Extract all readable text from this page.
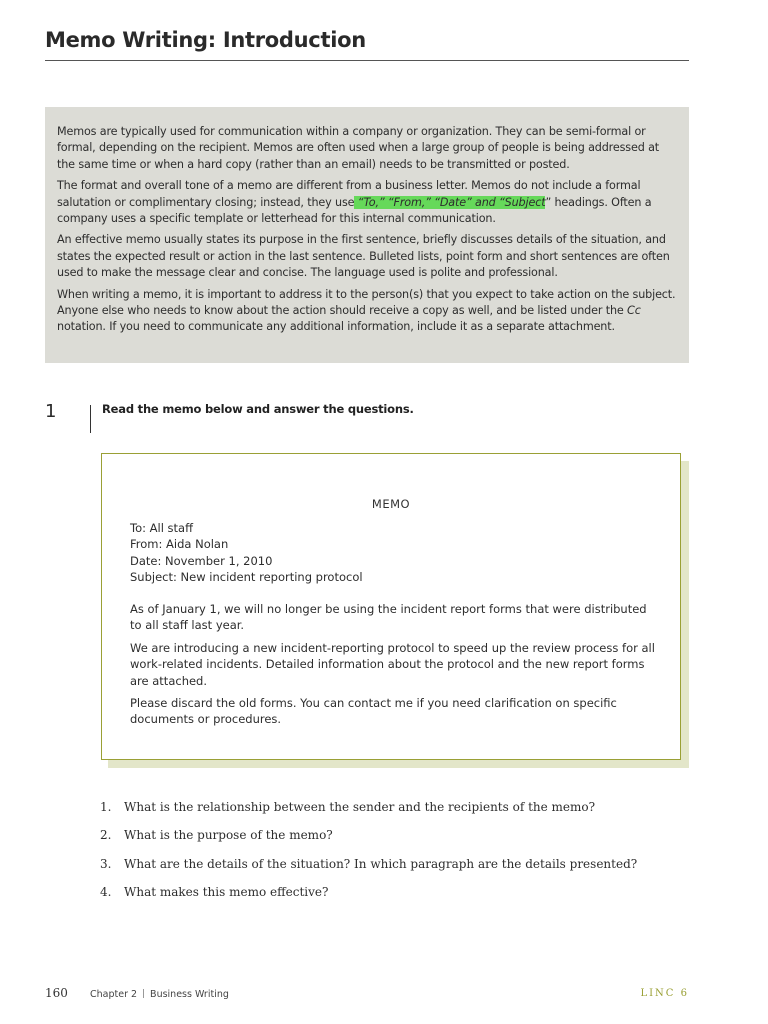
Memo Writing: Introduction

Memos are typically used for communication within a company or organization. They can be semi-formal or formal, depending on the recipient. Memos are often used when a large group of people is being addressed at the same time or when a hard copy (rather than an email) needs to be transmitted or posted.

The format and overall tone of a memo are different from a business letter. Memos do not include a formal salutation or complimentary closing; instead, they use “To,” “From,” “Date” and “Subject” headings. Often a company uses a specific template or letterhead for this internal communication.

An effective memo usually states its purpose in the first sentence, briefly discusses details of the situation, and states the expected result or action in the last sentence. Bulleted lists, point form and short sentences are often used to make the message clear and concise. The language used is polite and professional.

When writing a memo, it is important to address it to the person(s) that you expect to take action on the subject. Anyone else who needs to know about the action should receive a copy as well, and be listed under the Cc notation. If you need to communicate any additional information, include it as a separate attachment.

1	Read the memo below and answer the questions.
MEMO
To: All staff
From: Aida Nolan
Date: November 1, 2010
Subject: New incident reporting protocol

As of January 1, we will no longer be using the incident report forms that were distributed to all staff last year.

We are introducing a new incident-reporting protocol to speed up the review process for all work-related incidents. Detailed information about the protocol and the new report forms are attached.

Please discard the old forms. You can contact me if you need clarification on specific documents or procedures.

1. What is the relationship between the sender and the recipients of the memo?
2. What is the purpose of the memo?
3. What are the details of the situation? In which paragraph are the details presented?
4. What makes this memo effective?
160 Chapter 2 Business Writing	LINC 6
